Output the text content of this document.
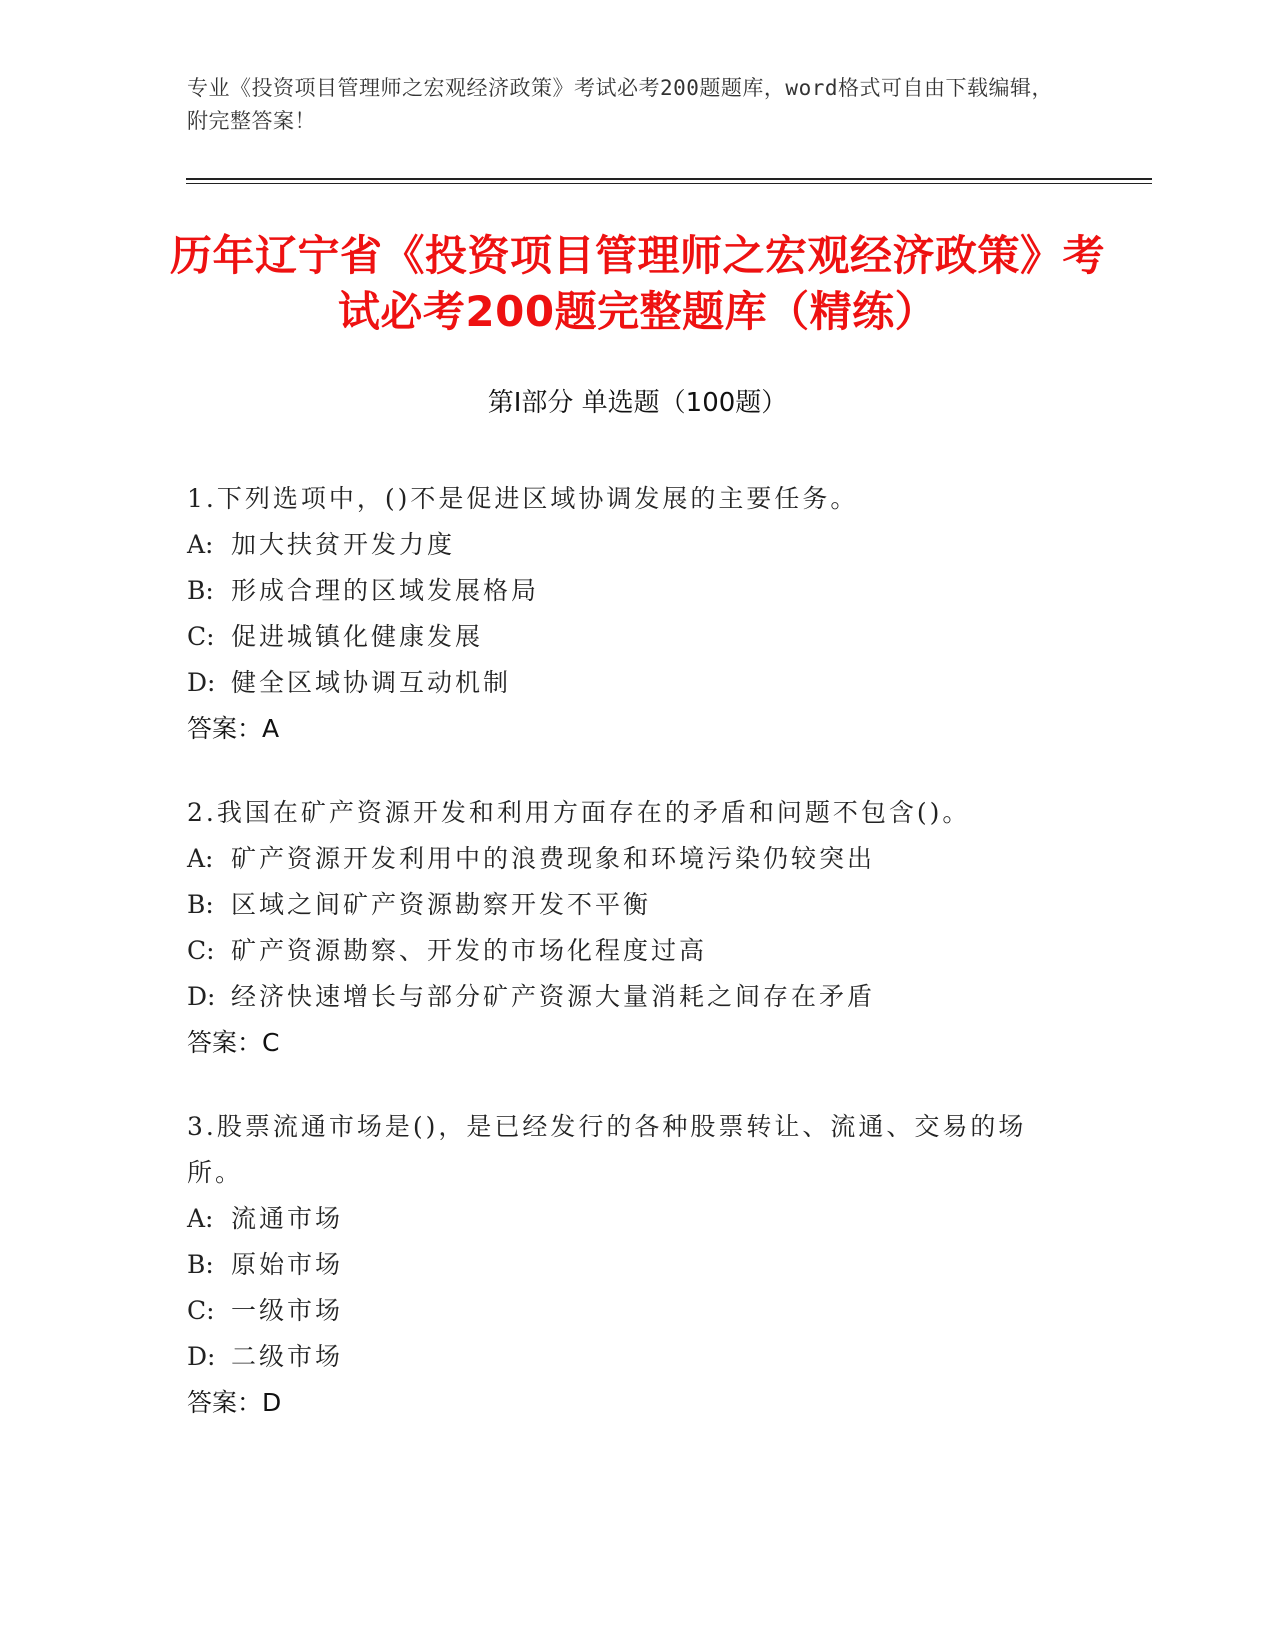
专业《投资项目管理师之宏观经济政策》考试必考200题题库，word格式可自由下载编辑，附完整答案！
历年辽宁省《投资项目管理师之宏观经济政策》考试必考200题完整题库（精练）
第I部分 单选题（100题）

1.下列选项中，()不是促进区域协调发展的主要任务。

A: 加大扶贫开发力度

B: 形成合理的区域发展格局

C: 促进城镇化健康发展

D: 健全区域协调互动机制

答案：A

2.我国在矿产资源开发和利用方面存在的矛盾和问题不包含()。

A: 矿产资源开发利用中的浪费现象和环境污染仍较突出

B: 区域之间矿产资源勘察开发不平衡

C: 矿产资源勘察、开发的市场化程度过高

D: 经济快速增长与部分矿产资源大量消耗之间存在矛盾

答案：C

3.股票流通市场是()，是已经发行的各种股票转让、流通、交易的场所。

A: 流通市场

B: 原始市场

C: 一级市场

D: 二级市场

答案：D
